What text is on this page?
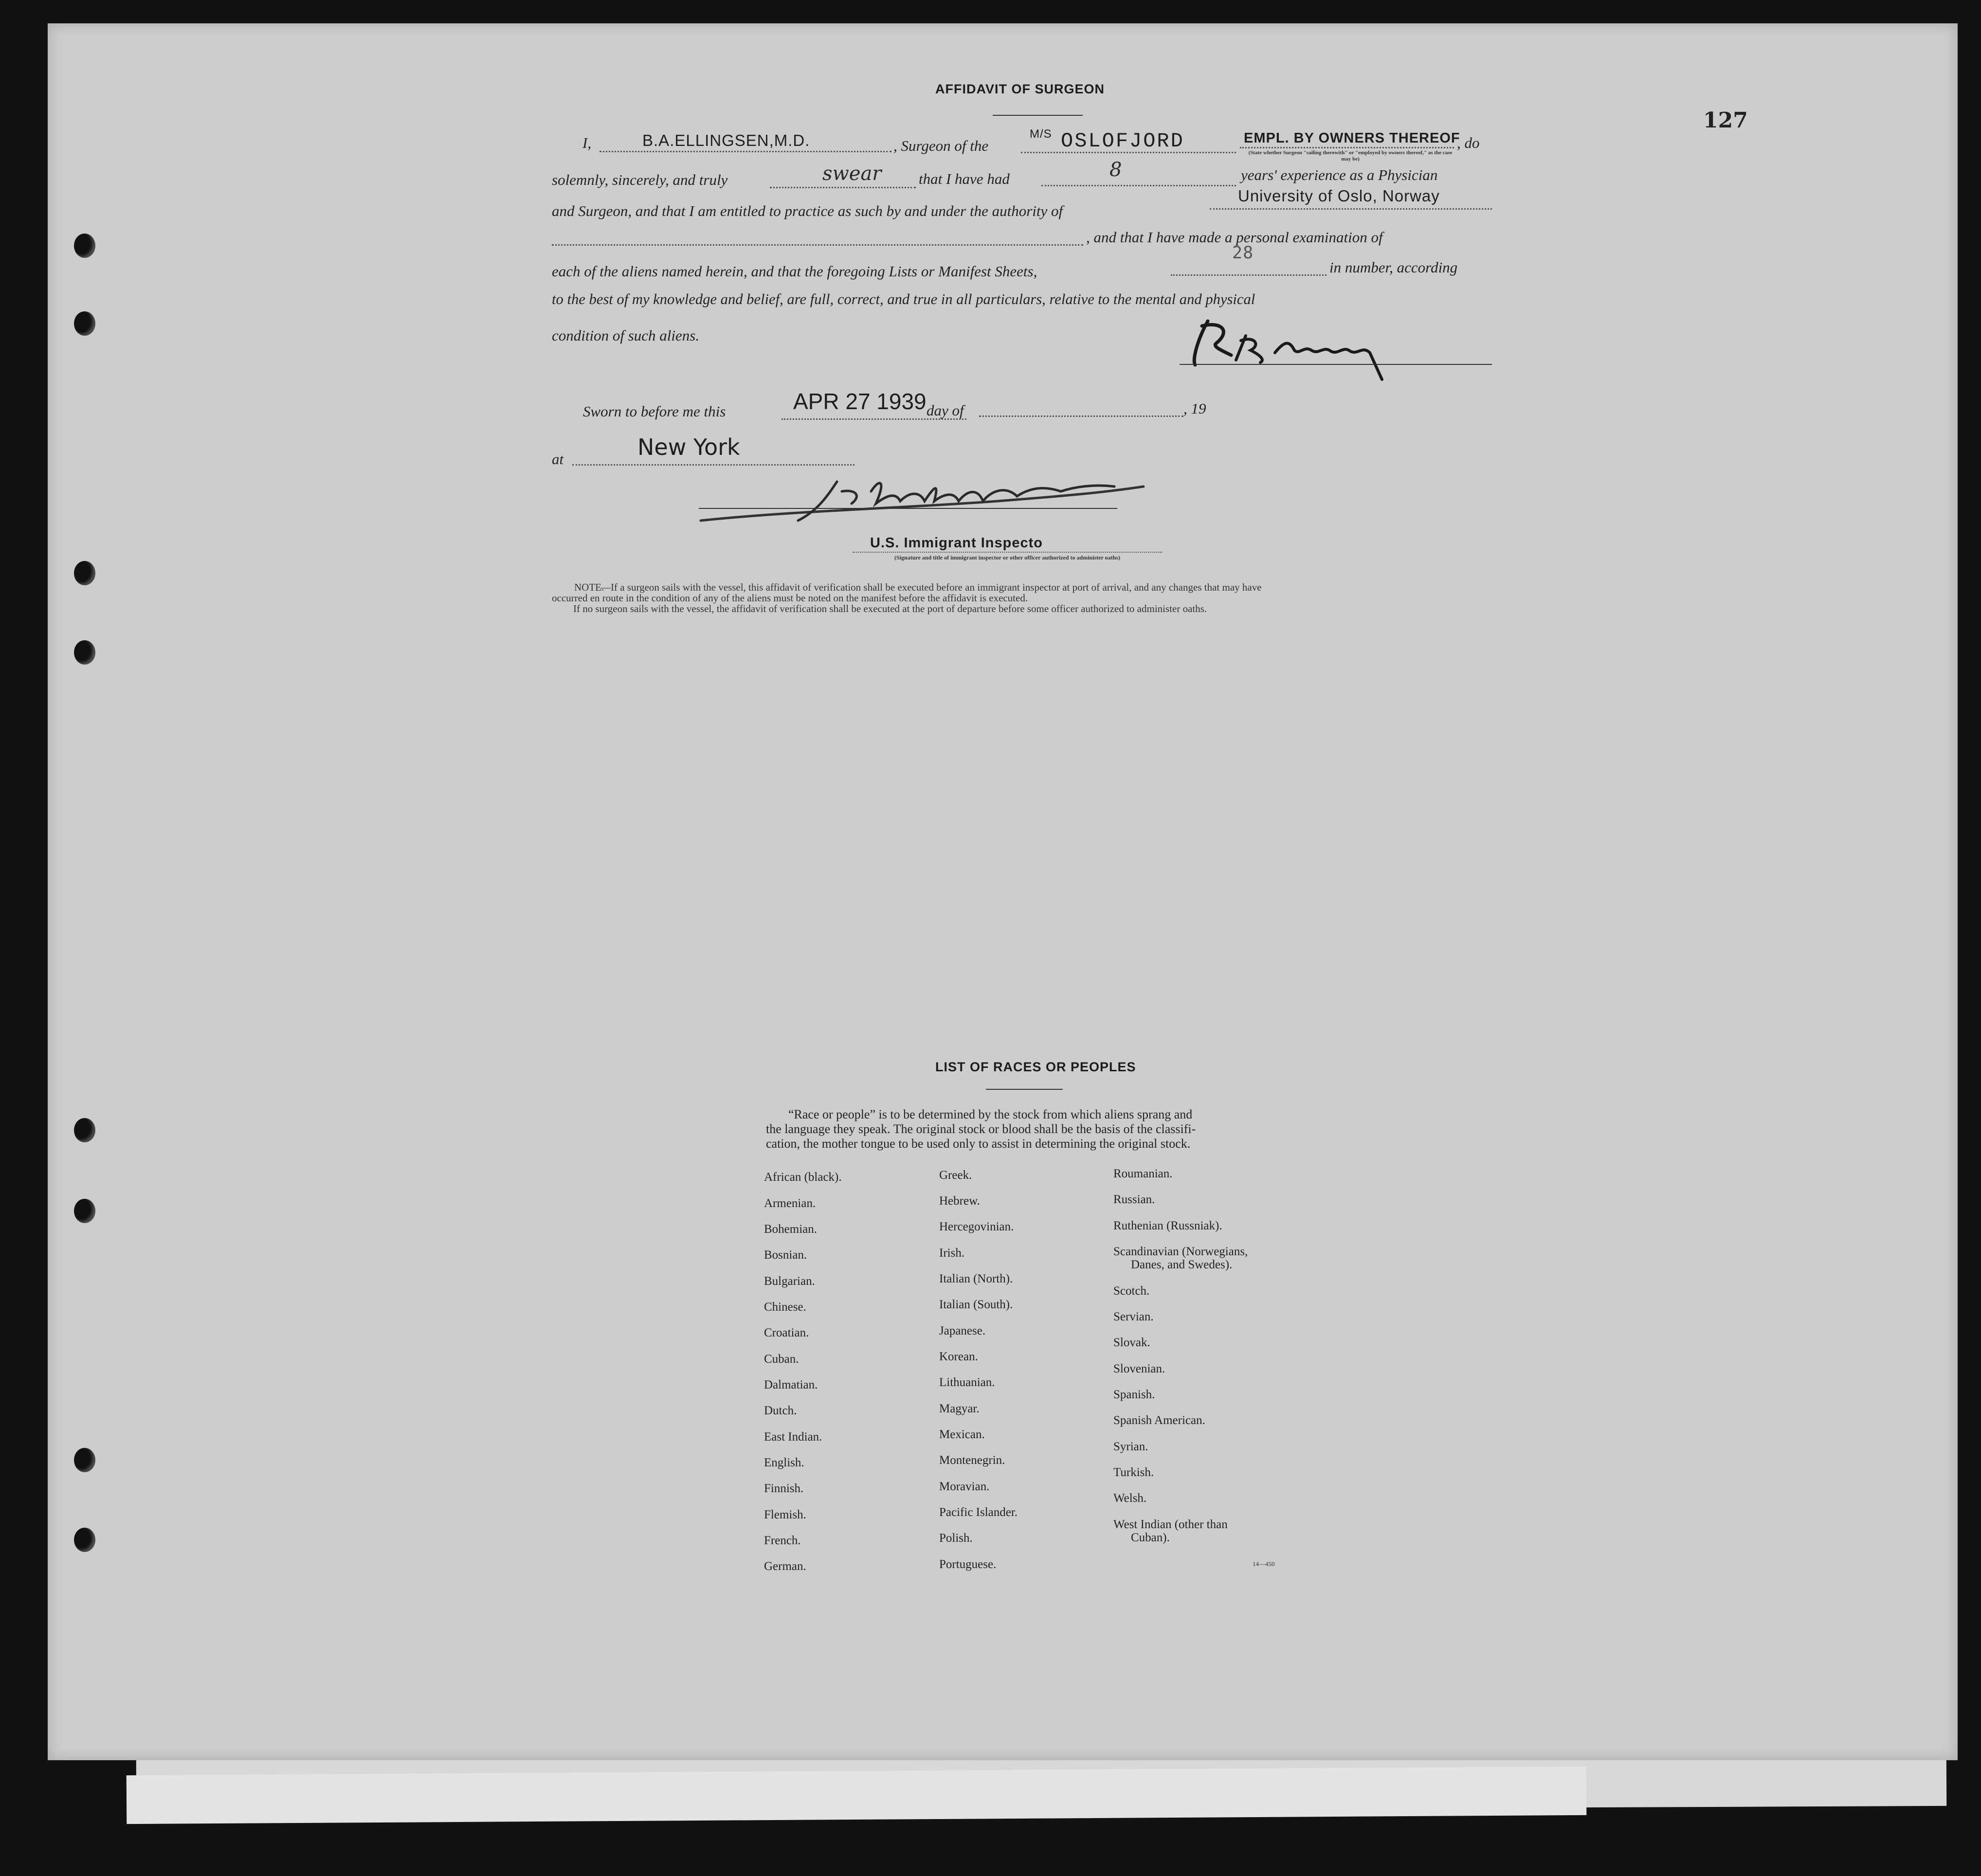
127
AFFIDAVIT OF SURGEON
I,	B.A.ELLINGSEN,M.D.	, Surgeon of the
M/S OSLOFJORD	EMPL. BY OWNERS THEREOF
(State whether Surgeon "sailing therewith" or "employed by owners thereof," as the case may be)
, do
solemnly, sincerely, and truly	swear that I have had	8	years' experience as a Physician
and Surgeon, and that I am entitled to practice as such by and under the authority of
University of Oslo, Norway
, and that I have made a personal examination of
each of the aliens named herein, and that the foregoing Lists or Manifest Sheets,
28
in number, according
to the best of my knowledge and belief, are full, correct, and true in all particulars, relative to the mental and physical
condition of such aliens.
Sworn to before me this	APR 27 1939 day of	, 19
at	New York
U.S. Immigrant Inspecto
(Signature and title of immigrant inspector or other officer authorized to administer oaths)
NOTE.
—If a surgeon sails with the vessel, this affidavit of verification shall be executed before an immigrant inspector at port of arrival, and any changes that may have
occurred en route in the condition of any of the aliens must be noted on the manifest before the affidavit is executed.
If no surgeon sails with the vessel, the affidavit of verification shall be executed at the port of departure before some officer authorized to administer oaths.
LIST OF RACES OR PEOPLES
“Race or people” is to be determined by the stock from which aliens sprang and
the language they speak. The original stock or blood shall be the basis of the classifi-
cation, the mother tongue to be used only to assist in determining the original stock.
African (black).
Armenian.
Bohemian.
Bosnian.
Bulgarian.
Chinese.
Croatian.
Cuban.
Dalmatian.
Dutch.
East Indian.
English.
Finnish.
Flemish.
French.
German.
Greek.
Hebrew.
Hercegovinian.
Irish.
Italian (North).
Italian (South).
Japanese.
Korean.
Lithuanian.
Magyar.
Mexican.
Montenegrin.
Moravian.
Pacific Islander.
Polish.
Portuguese.
Roumanian.
Russian.
Ruthenian (Russniak).
Scandinavian (Norwegians,
Danes, and Swedes).
Scotch.
Servian.
Slovak.
Slovenian.
Spanish.
Spanish American.
Syrian.
Turkish.
Welsh.
West Indian (other than
Cuban).
14—450
